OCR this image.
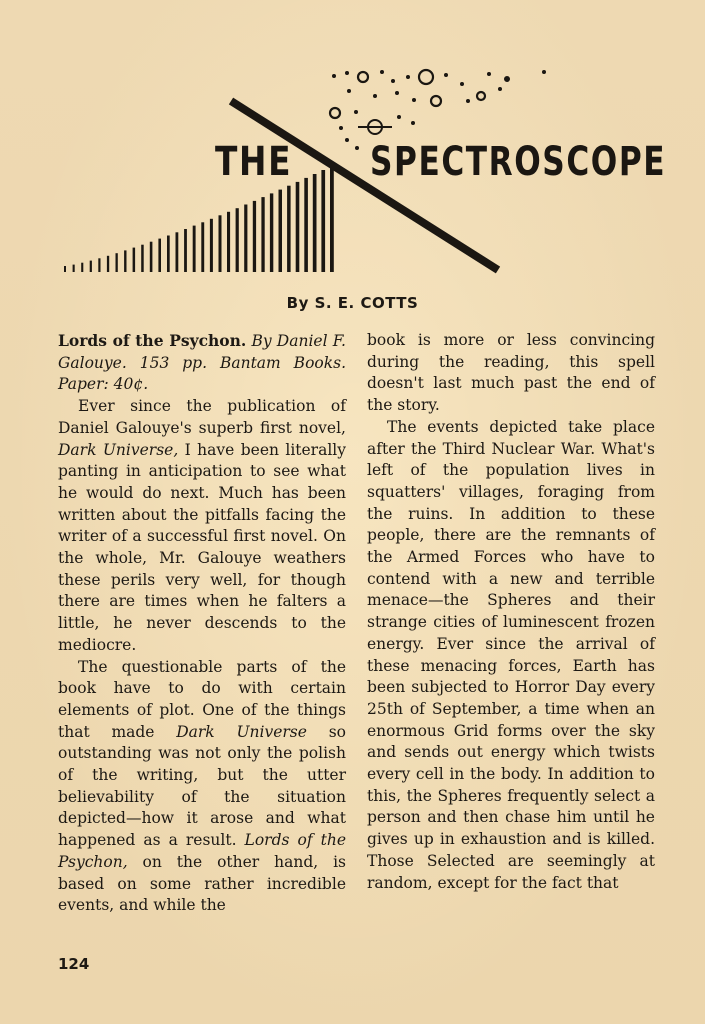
THE SPECTROSCOPE
By S. E. COTTS

Lords of the Psychon. By Daniel F. Galouye. 153 pp. Bantam Books. Paper: 40¢.

Ever since the publication of Daniel Galouye's superb first novel, Dark Universe, I have been literally panting in anticipation to see what he would do next. Much has been written about the pitfalls facing the writer of a successful first novel. On the whole, Mr. Galouye weathers these perils very well, for though there are times when he falters a little, he never descends to the mediocre.

The questionable parts of the book have to do with certain elements of plot. One of the things that made Dark Universe so outstanding was not only the polish of the writing, but the utter believability of the situation depicted—how it arose and what happened as a result. Lords of the Psychon, on the other hand, is based on some rather incredible events, and while the

book is more or less convincing during the reading, this spell doesn't last much past the end of the story.

The events depicted take place after the Third Nuclear War. What's left of the population lives in squatters' villages, foraging from the ruins. In addition to these people, there are the remnants of the Armed Forces who have to contend with a new and terrible menace—the Spheres and their strange cities of luminescent frozen energy. Ever since the arrival of these menacing forces, Earth has been subjected to Horror Day every 25th of September, a time when an enormous Grid forms over the sky and sends out energy which twists every cell in the body. In addition to this, the Spheres frequently select a person and then chase him until he gives up in exhaustion and is killed. Those Selected are seemingly at random, except for the fact that

124
